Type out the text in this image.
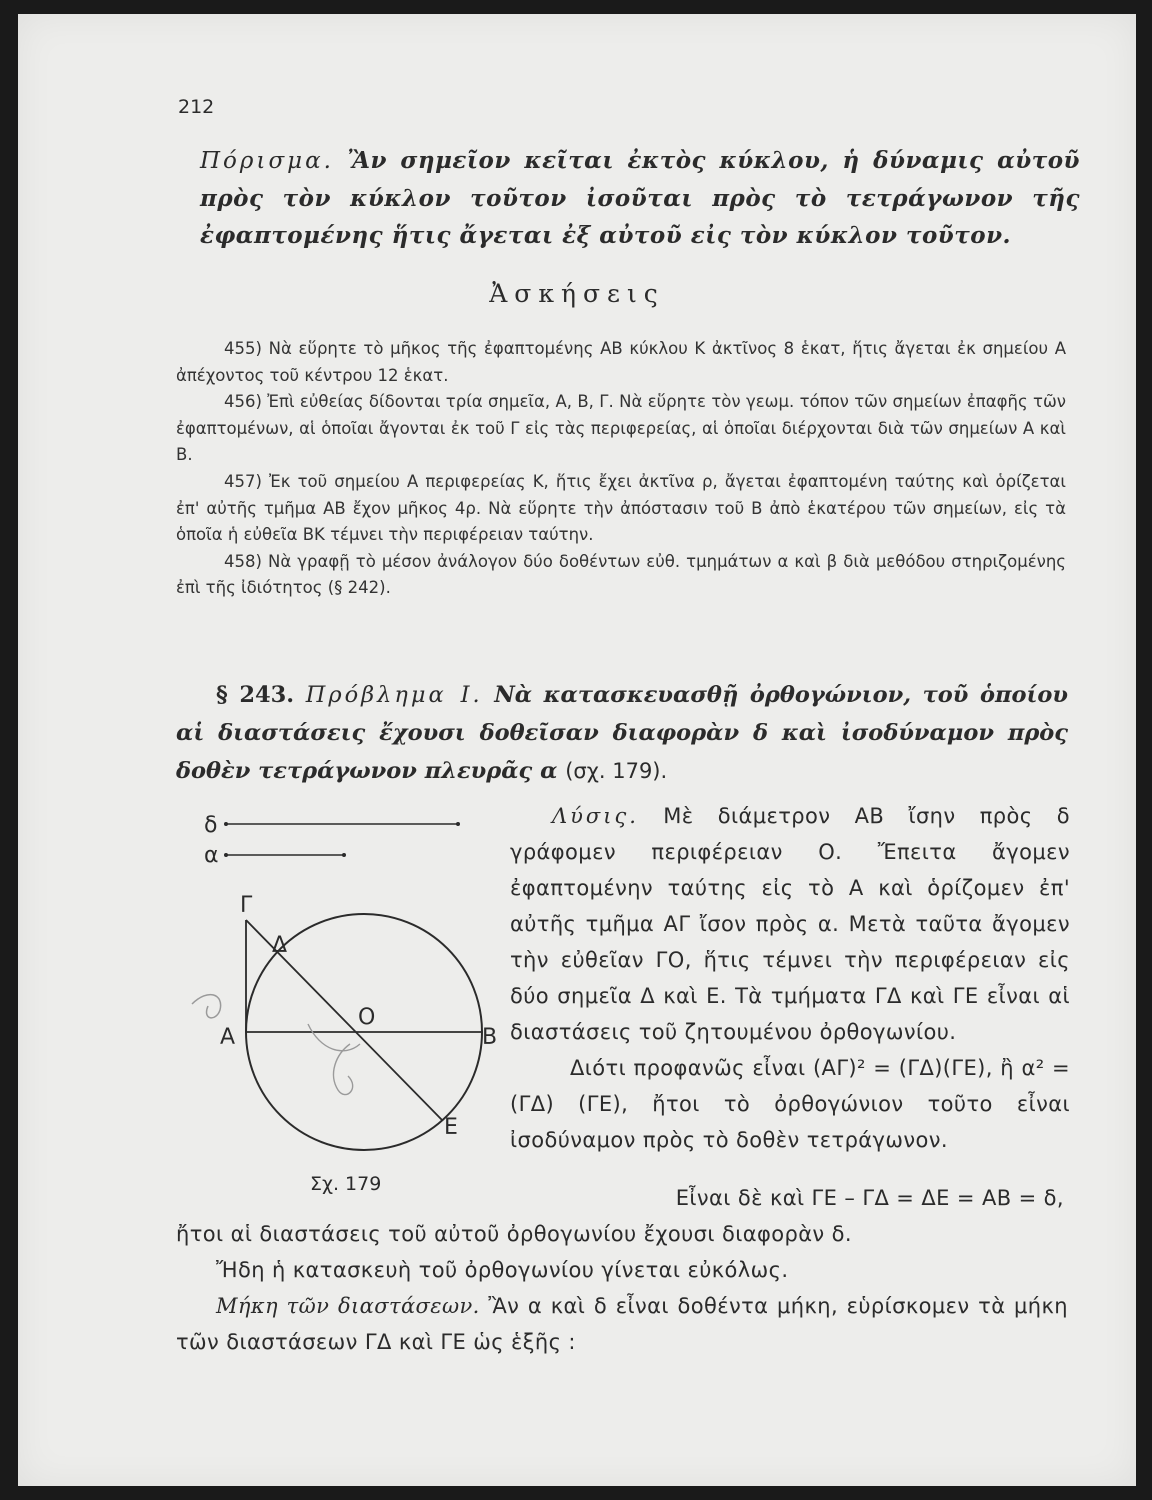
212
Πόρισμα. Ἂν σημεῖον κεῖται ἐκτὸς κύκλου, ἡ δύναμις αὐτοῦ πρὸς τὸν κύκλον τοῦτον ἰσοῦται πρὸς τὸ τετράγωνον τῆς ἐφαπτομένης ἥτις ἄγεται ἐξ αὐτοῦ εἰς τὸν κύκλον τοῦτον.
Ἀσκήσεις

455) Νὰ εὕρητε τὸ μῆκος τῆς ἐφαπτομένης ΑΒ κύκλου Κ ἀκτῖνος 8 ἑκατ, ἥτις ἄγεται ἐκ σημείου Α ἀπέχοντος τοῦ κέντρου 12 ἑκατ.

456) Ἐπὶ εὐθείας δίδονται τρία σημεῖα, Α, Β, Γ. Νὰ εὕρητε τὸν γεωμ. τόπον τῶν σημείων ἐπαφῆς τῶν ἐφαπτομένων, αἱ ὁποῖαι ἄγονται ἐκ τοῦ Γ εἰς τὰς περιφερείας, αἱ ὁποῖαι διέρχονται διὰ τῶν σημείων Α καὶ Β.

457) Ἐκ τοῦ σημείου Α περιφερείας Κ, ἥτις ἔχει ἀκτῖνα ρ, ἄγεται ἐφαπτομένη ταύτης καὶ ὁρίζεται ἐπ' αὐτῆς τμῆμα ΑΒ ἔχον μῆκος 4ρ. Νὰ εὕρητε τὴν ἀπόστασιν τοῦ Β ἀπὸ ἑκατέρου τῶν σημείων, εἰς τὰ ὁποῖα ἡ εὐθεῖα ΒΚ τέμνει τὴν περιφέρειαν ταύτην.

458) Νὰ γραφῇ τὸ μέσον ἀνάλογον δύο δοθέντων εὐθ. τμημάτων α καὶ β διὰ μεθόδου στηριζομένης ἐπὶ τῆς ἰδιότητος (§ 242).

§ 243. Πρόβλημα Ι. Νὰ κατασκευασθῇ ὀρθογώνιον, τοῦ ὁποίου αἱ διαστάσεις ἔχουσι δοθεῖσαν διαφορὰν δ καὶ ἰσοδύναμον πρὸς δοθὲν τετράγωνον πλευρᾶς α (σχ. 179).
δ
α
Γ
Δ
Ο
Α	Β
Ε
Σχ. 179

Λύσις. Μὲ διάμετρον ΑΒ ἴσην πρὸς δ γράφομεν περιφέρειαν Ο. Ἔπειτα ἄγομεν ἐφαπτομένην ταύτης εἰς τὸ Α καὶ ὁρίζομεν ἐπ' αὐτῆς τμῆμα ΑΓ ἴσον πρὸς α. Μετὰ ταῦτα ἄγομεν τὴν εὐθεῖαν ΓΟ, ἥτις τέμνει τὴν περιφέρειαν εἰς δύο σημεῖα Δ καὶ Ε. Τὰ τμήματα ΓΔ καὶ ΓΕ εἶναι αἱ διαστάσεις τοῦ ζητουμένου ὀρθογωνίου.

Διότι προφανῶς εἶναι (ΑΓ)² = (ΓΔ)(ΓΕ), ἢ α² = (ΓΔ) (ΓΕ), ἤτοι τὸ ὀρθογώνιον τοῦτο εἶναι ἰσοδύναμον πρὸς τὸ δοθὲν τετράγωνον.

Εἶναι δὲ καὶ ΓΕ – ΓΔ = ΔΕ = ΑΒ = δ,

ἤτοι αἱ διαστάσεις τοῦ αὐτοῦ ὀρθογωνίου ἔχουσι διαφορὰν δ.

Ἤδη ἡ κατασκευὴ τοῦ ὀρθογωνίου γίνεται εὐκόλως.

Μήκη τῶν διαστάσεων. Ἂν α καὶ δ εἶναι δοθέντα μήκη, εὑρίσκομεν τὰ μήκη τῶν διαστάσεων ΓΔ καὶ ΓΕ ὡς ἑξῆς :
